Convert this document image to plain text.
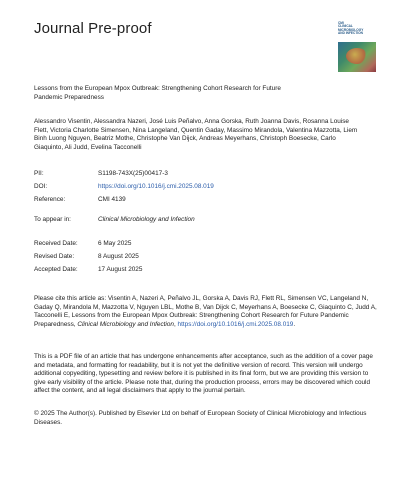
Journal Pre-proof	CMI
CLINICAL MICROBIOLOGY
AND INFECTION
Lessons from the European Mpox Outbreak: Strengthening Cohort Research for Future Pandemic Preparedness
Alessandro Visentin, Alessandra Nazeri, José Luis Peñalvo, Anna Gorska, Ruth Joanna Davis, Rosanna Louise Flett, Victoria Charlotte Simensen, Nina Langeland, Quentin Gaday, Massimo Mirandola, Valentina Mazzotta, Liem Binh Luong Nguyen, Beatriz Mothe, Christophe Van Dijck, Andreas Meyerhans, Christoph Boesecke, Carlo Giaquinto, Ali Judd, Evelina Tacconelli
PII:	S1198-743X(25)00417-3
DOI:	https://doi.org/10.1016/j.cmi.2025.08.019
Reference:	CMI 4139
To appear in:	Clinical Microbiology and Infection
Received Date:	6 May 2025
Revised Date:	8 August 2025
Accepted Date:	17 August 2025

Please cite this article as: Visentin A, Nazeri A, Peñalvo JL, Gorska A, Davis RJ, Flett RL, Simensen VC, Langeland N, Gaday Q, Mirandola M, Mazzotta V, Nguyen LBL, Mothe B, Van Dijck C, Meyerhans A, Boesecke C, Giaquinto C, Judd A, Tacconelli E, Lessons from the European Mpox Outbreak: Strengthening Cohort Research for Future Pandemic Preparedness, Clinical Microbiology and Infection, https://doi.org/10.1016/j.cmi.2025.08.019.

This is a PDF file of an article that has undergone enhancements after acceptance, such as the addition of a cover page and metadata, and formatting for readability, but it is not yet the definitive version of record. This version will undergo additional copyediting, typesetting and review before it is published in its final form, but we are providing this version to give early visibility of the article. Please note that, during the production process, errors may be discovered which could affect the content, and all legal disclaimers that apply to the journal pertain.

© 2025 The Author(s). Published by Elsevier Ltd on behalf of European Society of Clinical Microbiology and Infectious Diseases.
